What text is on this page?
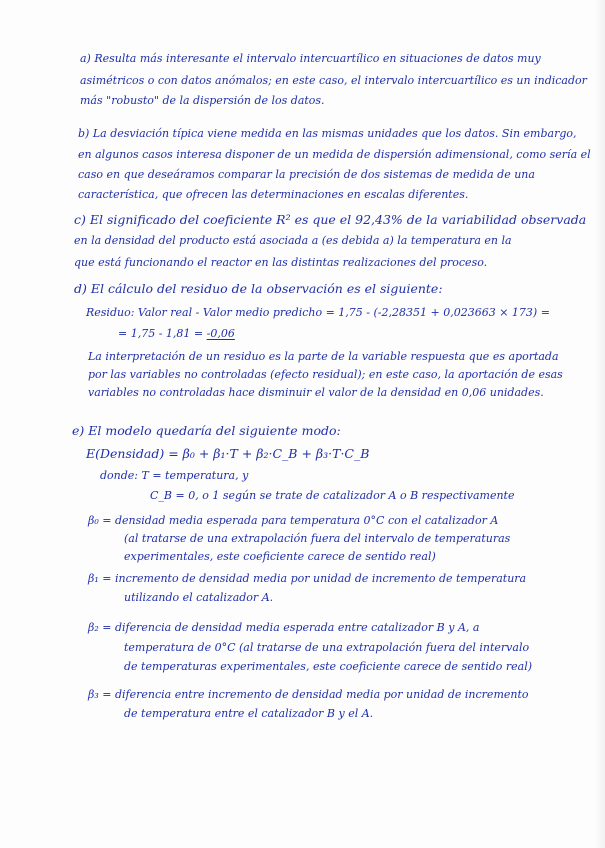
a) Resulta más interesante el intervalo intercuartílico en situaciones de datos muy
asimétricos o con datos anómalos; en este caso, el intervalo intercuartílico es un indicador
más "robusto" de la dispersión de los datos.
b) La desviación típica viene medida en las mismas unidades que los datos. Sin embargo,
en algunos casos interesa disponer de un medida de dispersión adimensional, como sería el
caso en que deseáramos comparar la precisión de dos sistemas de medida de una
característica, que ofrecen las determinaciones en escalas diferentes.
c) El significado del coeficiente R² es que el 92,43% de la variabilidad observada
en la densidad del producto está asociada a (es debida a) la temperatura en la
que está funcionando el reactor en las distintas realizaciones del proceso.
d) El cálculo del residuo de la observación es el siguiente:
Residuo: Valor real - Valor medio predicho = 1,75 - (-2,28351 + 0,023663 × 173) =
= 1,75 - 1,81 = -0,06
La interpretación de un residuo es la parte de la variable respuesta que es aportada
por las variables no controladas (efecto residual); en este caso, la aportación de esas
variables no controladas hace disminuir el valor de la densidad en 0,06 unidades.
e) El modelo quedaría del siguiente modo:
E(Densidad) = β₀ + β₁·T + β₂·C_B + β₃·T·C_B
donde: T = temperatura, y
C_B = 0, o 1 según se trate de catalizador A o B respectivamente
β₀ = densidad media esperada para temperatura 0°C con el catalizador A
(al tratarse de una extrapolación fuera del intervalo de temperaturas
experimentales, este coeficiente carece de sentido real)
β₁ = incremento de densidad media por unidad de incremento de temperatura
utilizando el catalizador A.
β₂ = diferencia de densidad media esperada entre catalizador B y A, a
temperatura de 0°C (al tratarse de una extrapolación fuera del intervalo
de temperaturas experimentales, este coeficiente carece de sentido real)
β₃ = diferencia entre incremento de densidad media por unidad de incremento
de temperatura entre el catalizador B y el A.
